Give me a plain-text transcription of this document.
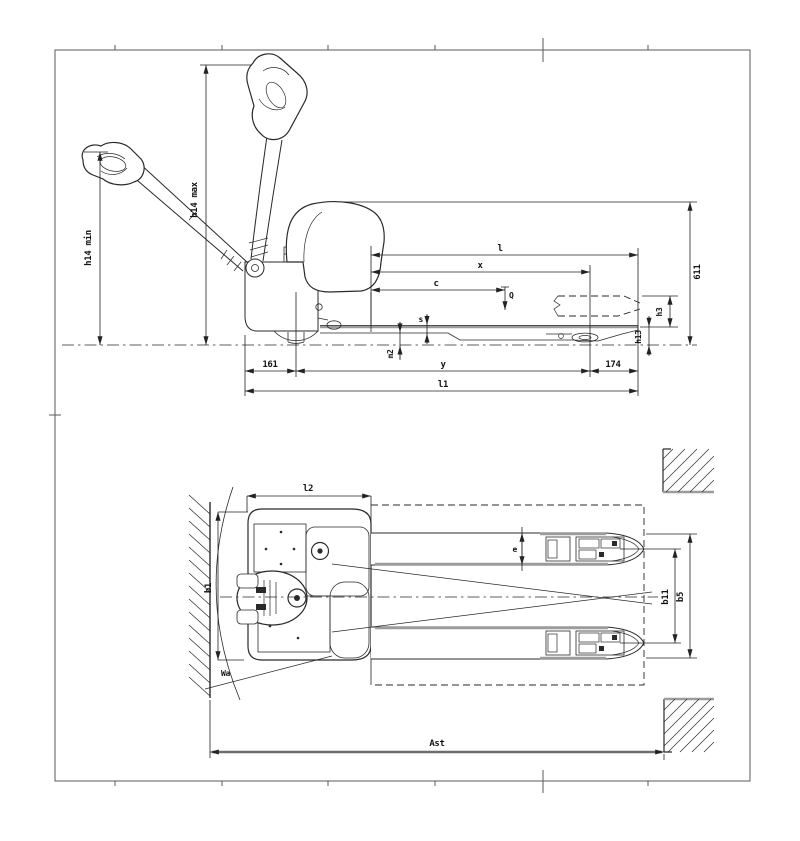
h14 min
h14 max
l
x
c
Q
611
h3
h13
s
m2
161	y	174
l1
Wa
l2
b1
e
b11 b5
Ast
